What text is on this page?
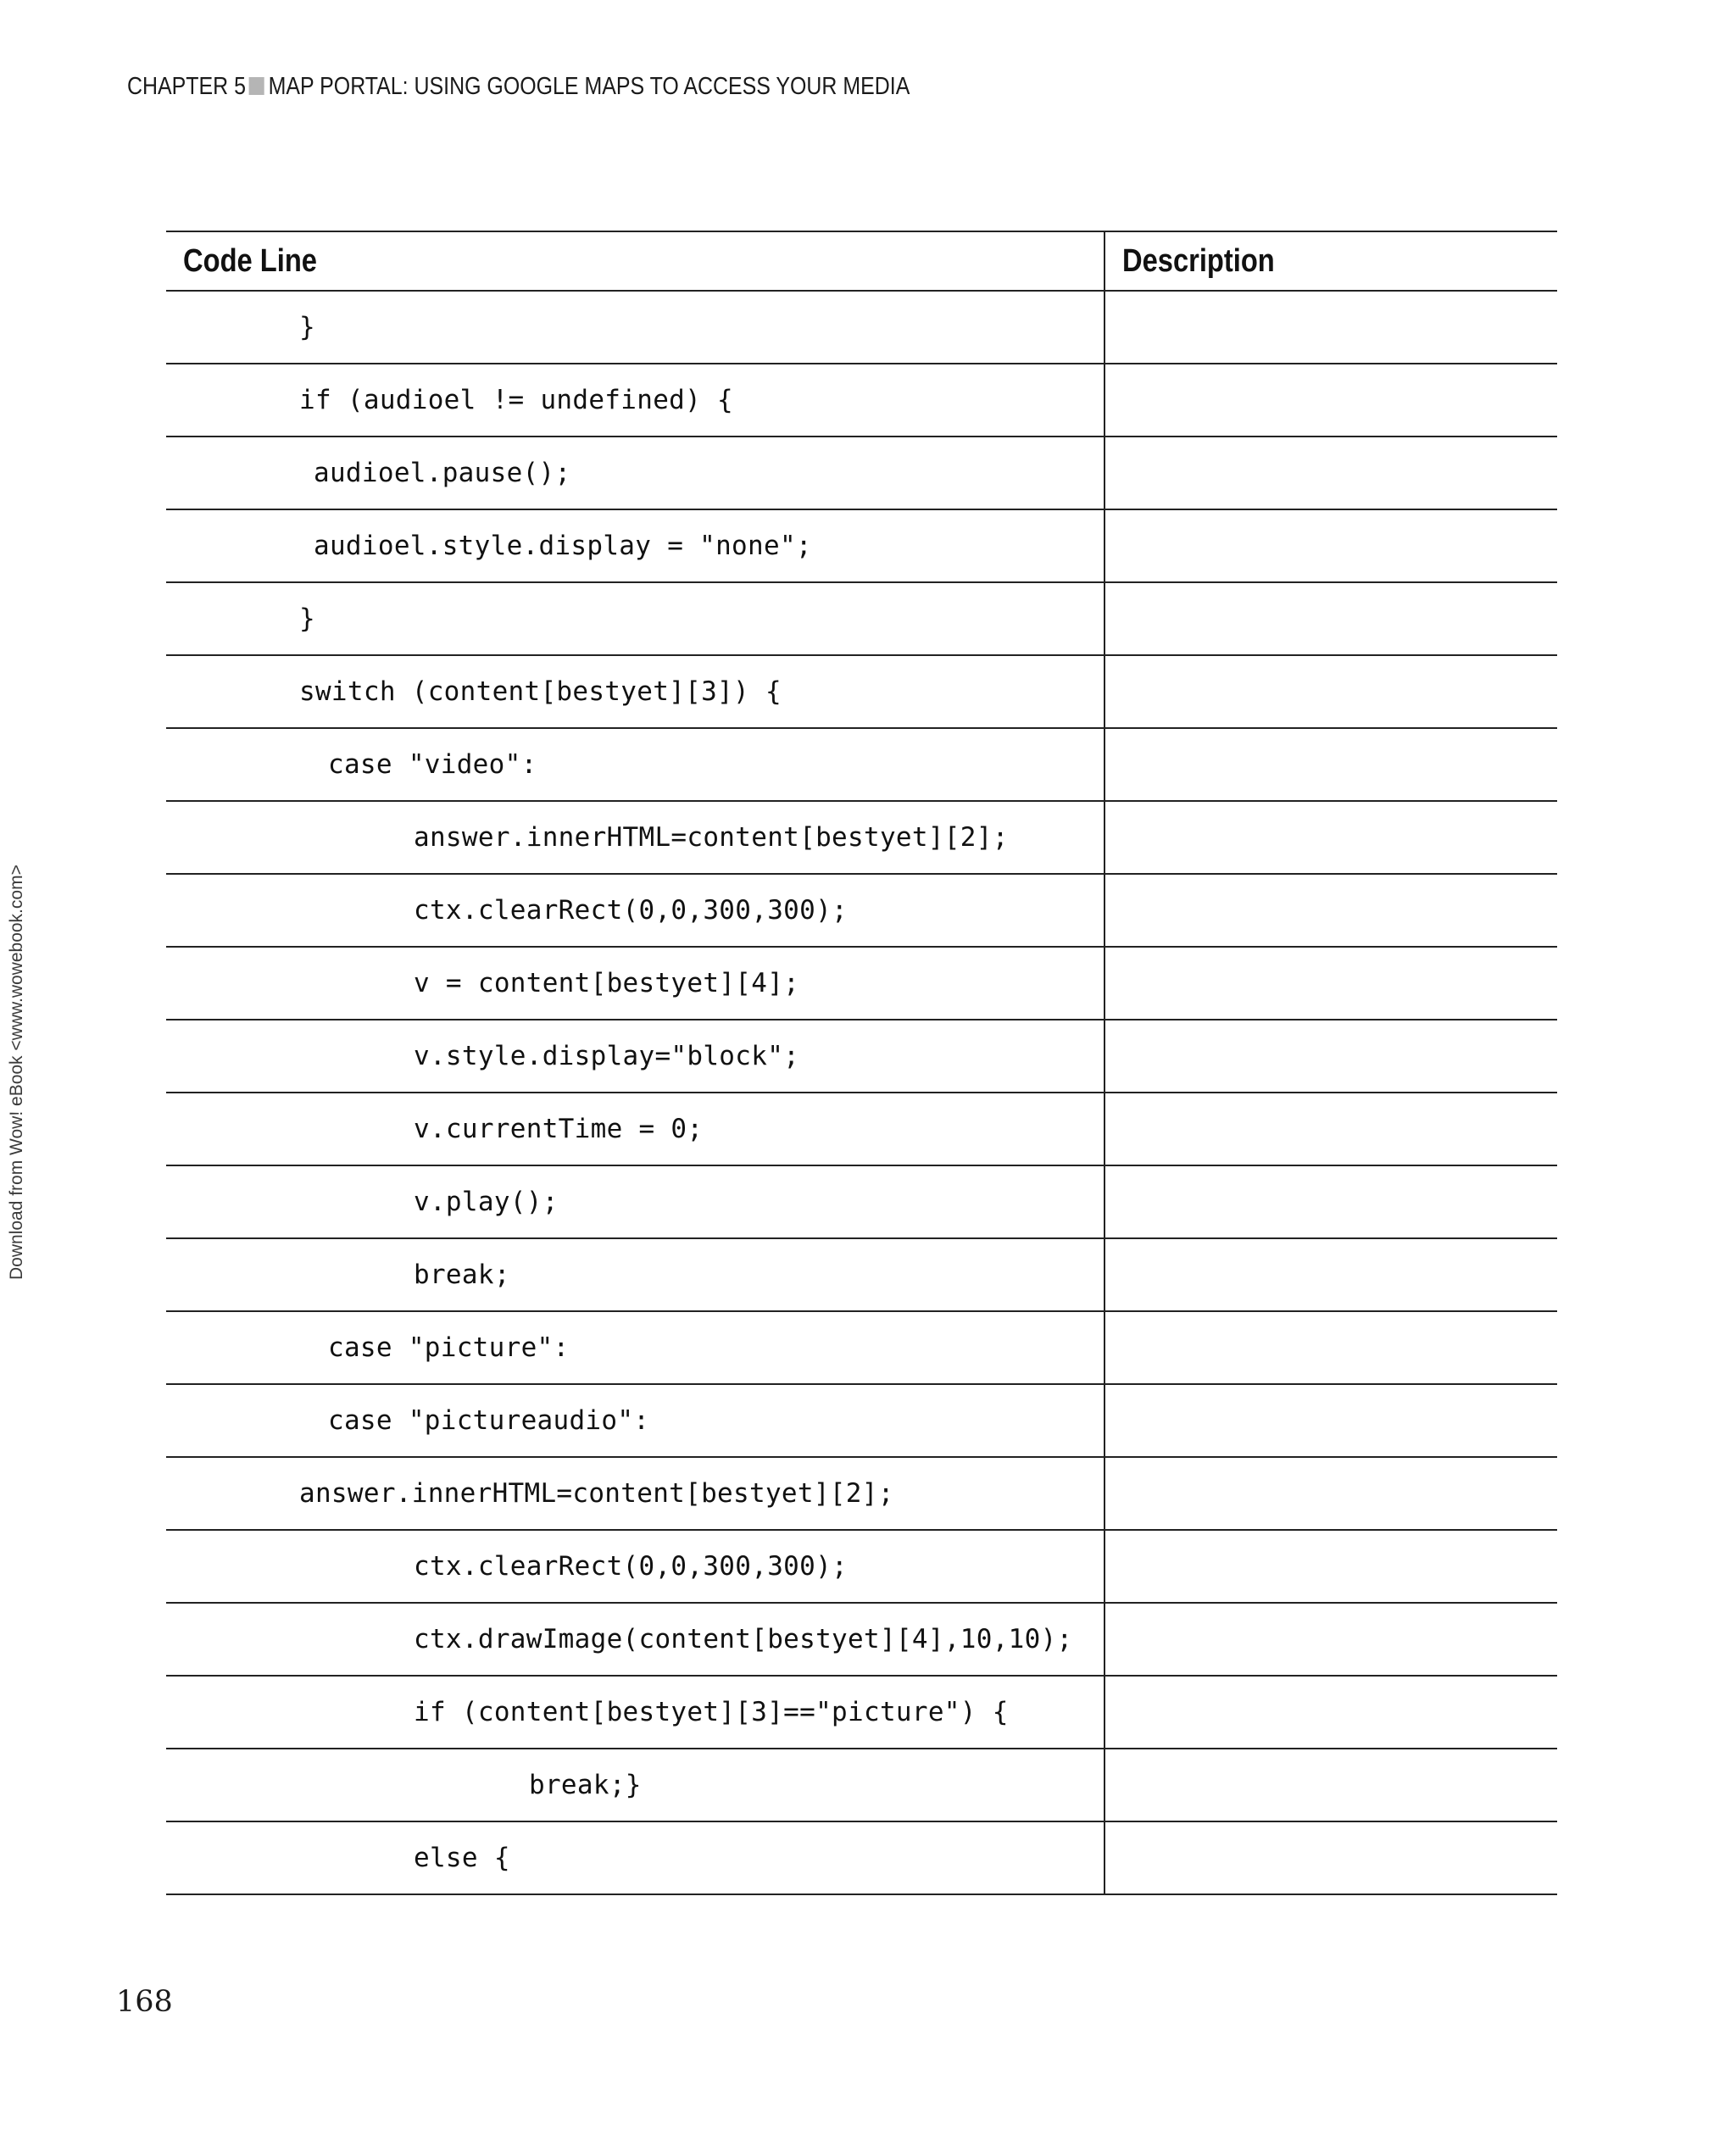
CHAPTER 5 MAP PORTAL: USING GOOGLE MAPS TO ACCESS YOUR MEDIA
Download from Wow! eBook <www.wowebook.com>
Code Line	Description
}	
if (audioel != undefined) {	
audioel.pause();	
audioel.style.display = "none";	
}	
switch (content[bestyet][3]) {	
case "video":	
answer.innerHTML=content[bestyet][2];	
ctx.clearRect(0,0,300,300);	
v = content[bestyet][4];	
v.style.display="block";	
v.currentTime = 0;	
v.play();	
break;	
case "picture":	
case "pictureaudio":	
answer.innerHTML=content[bestyet][2];	
ctx.clearRect(0,0,300,300);	
ctx.drawImage(content[bestyet][4],10,10);	
if (content[bestyet][3]=="picture") {	
break;}	
else {	
168
